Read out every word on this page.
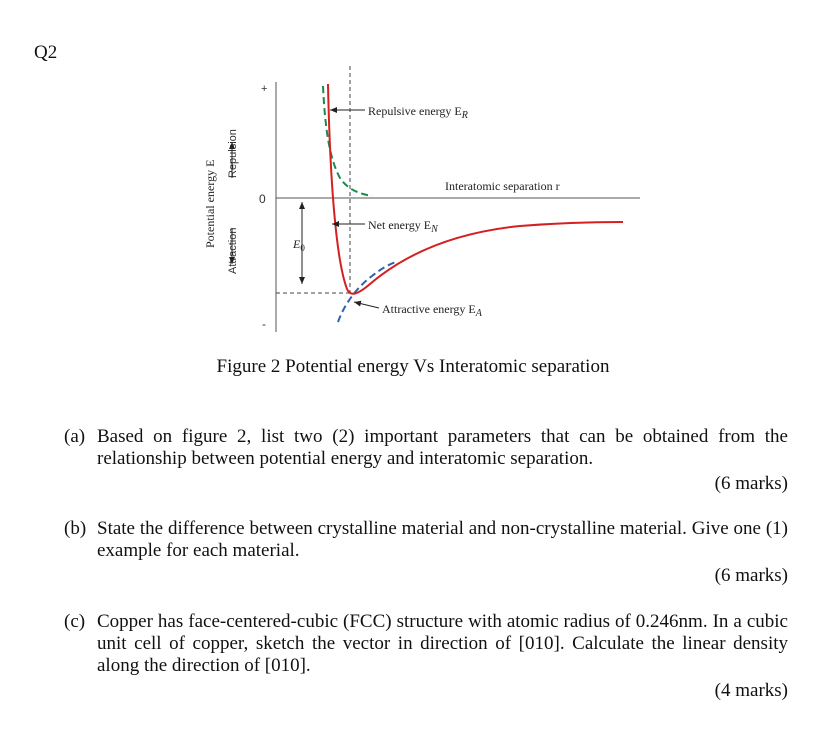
Q2
+
0
-
Potential energy E
Repulsion
Attraction
Repulsive energy $E_R$
Interatomic separation r
Net energy $E_N$
Attractive energy $E_A$
$E_0$
Figure 2 Potential energy Vs Interatomic separation
(a) Based on figure 2, list two (2) important parameters that can be obtained from the relationship between potential energy and interatomic separation.
(6 marks)
(b) State the difference between crystalline material and non-crystalline material. Give one (1) example for each material.
(6 marks)
(c) Copper has face-centered-cubic (FCC) structure with atomic radius of 0.246nm. In a cubic unit cell of copper, sketch the vector in direction of [010]. Calculate the linear density along the direction of [010].
(4 marks)
